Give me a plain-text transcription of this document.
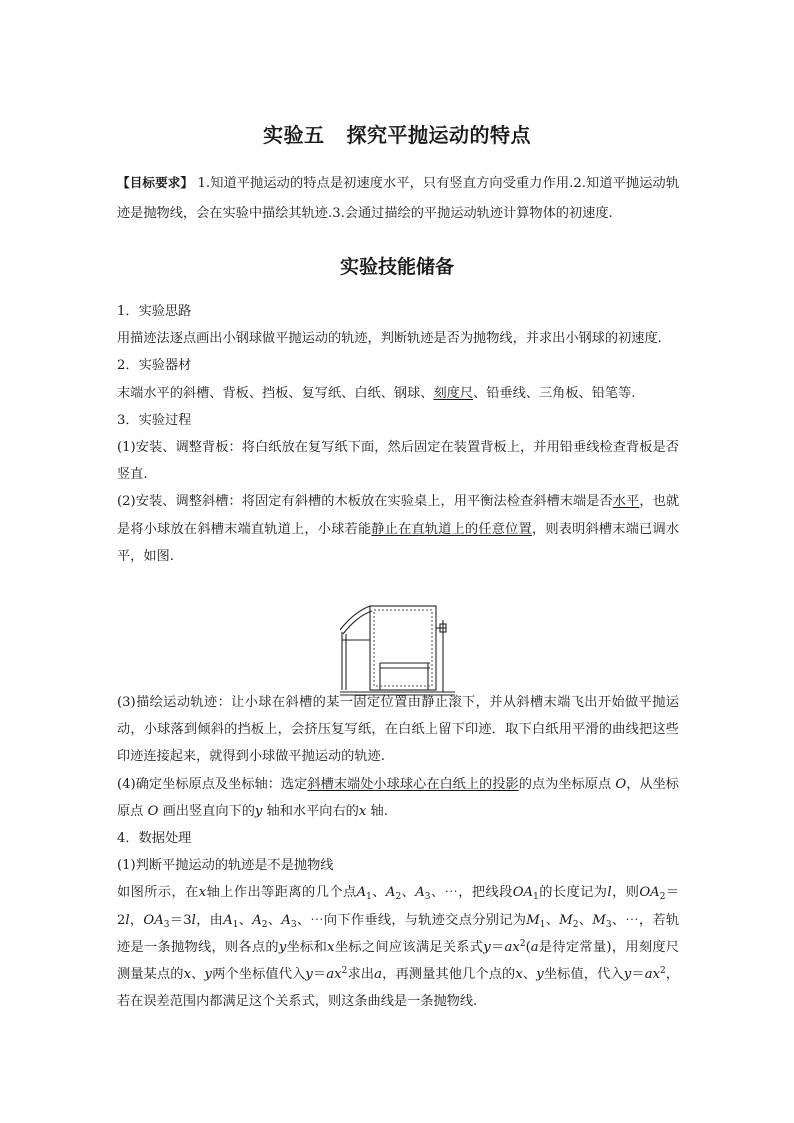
实验五 探究平抛运动的特点
【目标要求】 1.知道平抛运动的特点是初速度水平，只有竖直方向受重力作用.2.知道平抛运动轨迹是抛物线，会在实验中描绘其轨迹.3.会通过描绘的平抛运动轨迹计算物体的初速度.
实验技能储备

1．实验思路

用描迹法逐点画出小钢球做平抛运动的轨迹，判断轨迹是否为抛物线，并求出小钢球的初速度.

2．实验器材

末端水平的斜槽、背板、挡板、复写纸、白纸、钢球、刻度尺、铅垂线、三角板、铅笔等.

3．实验过程

(1)安装、调整背板：将白纸放在复写纸下面，然后固定在装置背板上，并用铅垂线检查背板是否竖直.

(2)安装、调整斜槽：将固定有斜槽的木板放在实验桌上，用平衡法检查斜槽末端是否水平，也就是将小球放在斜槽末端直轨道上，小球若能静止在直轨道上的任意位置，则表明斜槽末端已调水平，如图.

(3)描绘运动轨迹：让小球在斜槽的某一固定位置由静止滚下，并从斜槽末端飞出开始做平抛运动，小球落到倾斜的挡板上，会挤压复写纸，在白纸上留下印迹．取下白纸用平滑的曲线把这些印迹连接起来，就得到小球做平抛运动的轨迹.

(4)确定坐标原点及坐标轴：选定斜槽末端处小球球心在白纸上的投影的点为坐标原点 O，从坐标原点 O 画出竖直向下的y 轴和水平向右的x 轴.

4．数据处理

(1)判断平抛运动的轨迹是不是抛物线

如图所示，在x轴上作出等距离的几个点$A_1$、$A_2$、$A_3$、⋯，把线段$OA_1$的长度记为l，则$OA_2=2l$，$OA_3=3l$，由$A_1$、$A_2$、$A_3$、⋯向下作垂线，与轨迹交点分别记为$M_1$、$M_2$、$M_3$、⋯，若轨迹是一条抛物线，则各点的y坐标和x坐标之间应该满足关系式$y=ax^2(a$是待定常量)，用刻度尺测量某点的x、y两个坐标值代入$y=ax^2$求出a，再测量其他几个点的x、y坐标值，代入$y=ax^2$，若在误差范围内都满足这个关系式，则这条曲线是一条抛物线.
